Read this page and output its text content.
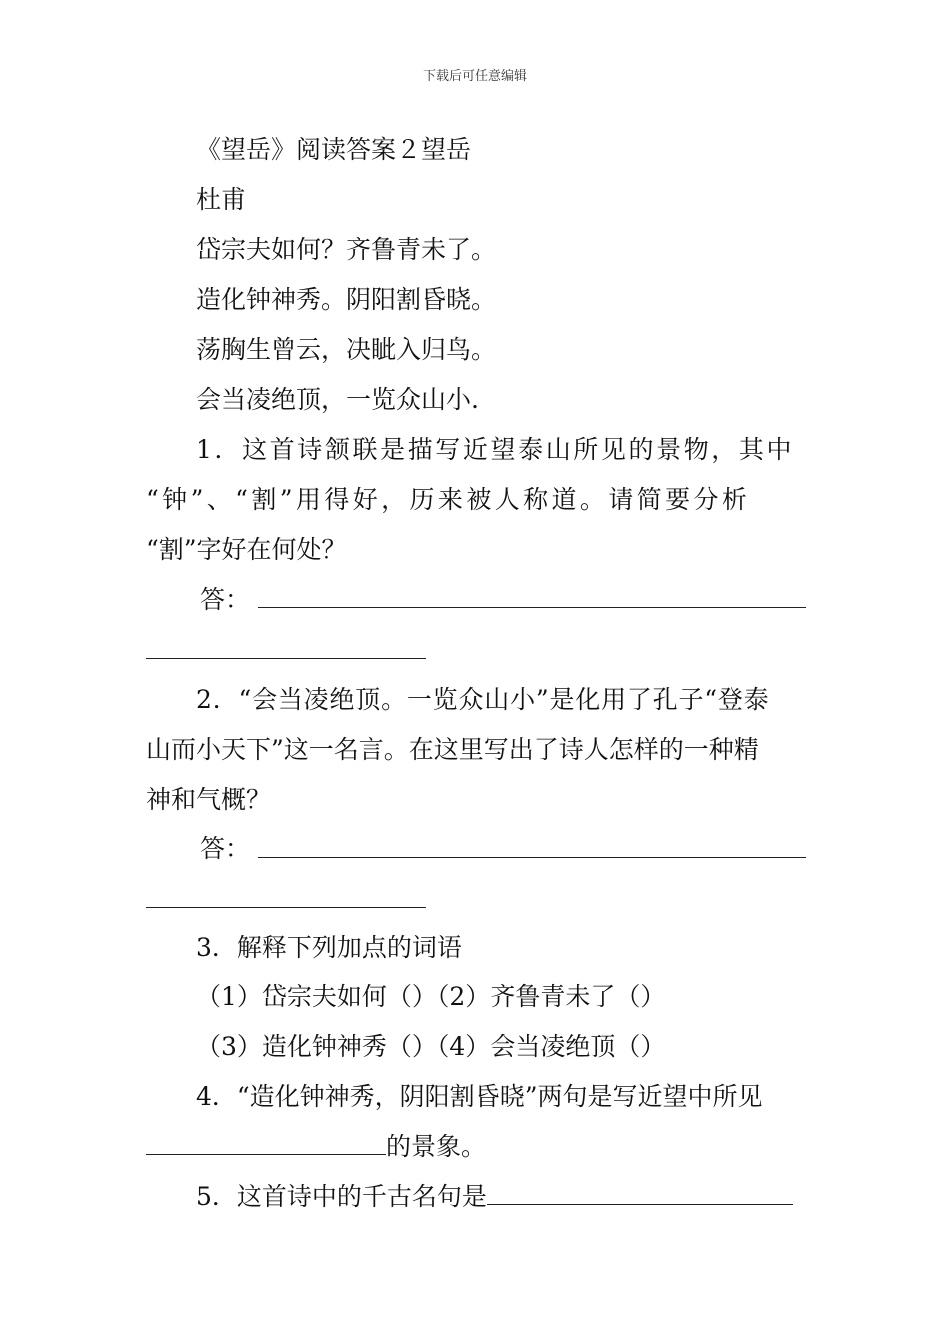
下载后可任意编辑
《望岳》阅读答案２望岳
杜甫
岱宗夫如何？齐鲁青未了。
造化钟神秀。阴阳割昏晓。
荡胸生曾云，决眦入归鸟。
会当凌绝顶，一览众山小.
1．这首诗颔联是描写近望泰山所见的景物，其中
“钟”、“割”用得好，历来被人称道。请简要分析
“割”字好在何处？
答：
2．“会当凌绝顶。一览众山小”是化用了孔子“登泰
山而小天下”这一名言。在这里写出了诗人怎样的一种精
神和气概？
答：
3．解释下列加点的词语
（1）岱宗夫如何（）（2）齐鲁青未了（）
（3）造化钟神秀（）（4）会当凌绝顶（）
4．“造化钟神秀，阴阳割昏晓”两句是写近望中所见
的景象。
5．这首诗中的千古名句是
